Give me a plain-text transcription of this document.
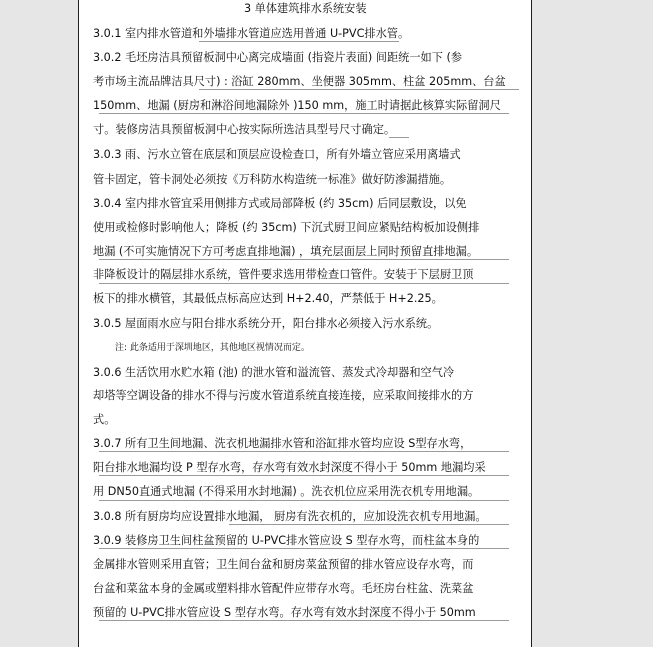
3 单体建筑排水系统安装
3.0.1 室内排水管道和外墙排水管道应选用普通 U-PVC排水管。
3.0.2 毛坯房洁具预留板洞中心离完成墙面 (指瓷片表面) 间距统一如下 (参
考市场主流品牌洁具尺寸) : 浴缸 280mm、坐便器 305mm、柱盆 205mm、台盆
150mm、地漏 (厨房和淋浴间地漏除外 )150 mm，施工时请据此核算实际留洞尺
寸。装修房洁具预留板洞中心按实际所选洁具型号尺寸确定。
3.0.3 雨、污水立管在底层和顶层应设检查口，所有外墙立管应采用离墙式
管卡固定，管卡洞处必须按《万科防水构造统一标准》做好防渗漏措施。
3.0.4 室内排水管宜采用侧排方式或局部降板 (约 35cm) 后同层敷设，以免
使用或检修时影响他人；降板 (约 35cm) 下沉式厨卫间应紧贴结构板加设侧排
地漏 (不可实施情况下方可考虑直排地漏) ，填充层面层上同时预留直排地漏。
非降板设计的隔层排水系统，管件要求选用带检查口管件。安装于下层厨卫顶
板下的排水横管，其最低点标高应达到 H+2.40，严禁低于 H+2.25。
3.0.5 屋面雨水应与阳台排水系统分开，阳台排水必须接入污水系统。
注: 此条适用于深圳地区，其他地区视情况而定。
3.0.6 生活饮用水贮水箱 (池) 的泄水管和溢流管、蒸发式冷却器和空气冷
却塔等空调设备的排水不得与污废水管道系统直接连接，应采取间接排水的方
式。
3.0.7 所有卫生间地漏、洗衣机地漏排水管和浴缸排水管均应设 S型存水弯，
阳台排水地漏均设 P 型存水弯，存水弯有效水封深度不得小于 50mm 地漏均采
用 DN50直通式地漏 (不得采用水封地漏) 。洗衣机位应采用洗衣机专用地漏。
3.0.8 所有厨房均应设置排水地漏， 厨房有洗衣机的，应加设洗衣机专用地漏。
3.0.9 装修房卫生间柱盆预留的 U-PVC排水管应设 S 型存水弯，而柱盆本身的
金属排水管则采用直管；卫生间台盆和厨房菜盆预留的排水管应设存水弯，而
台盆和菜盆本身的金属或塑料排水管配件应带存水弯。毛坯房台柱盆、洗菜盆
预留的 U-PVC排水管应设 S 型存水弯。存水弯有效水封深度不得小于 50mm
